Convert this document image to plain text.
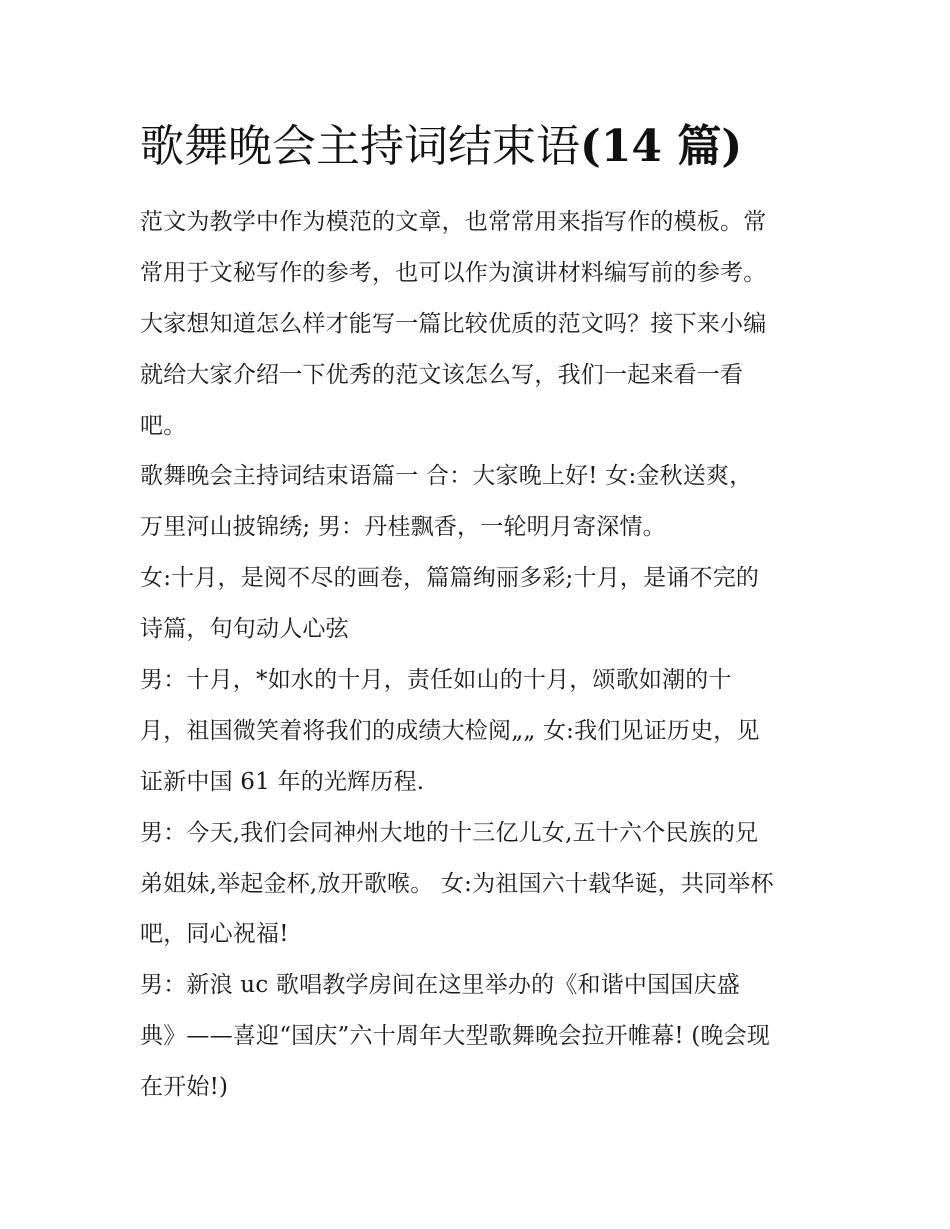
歌舞晚会主持词结束语(14 篇)
范文为教学中作为模范的文章，也常常用来指写作的模板。常
常用于文秘写作的参考，也可以作为演讲材料编写前的参考。
大家想知道怎么样才能写一篇比较优质的范文吗？接下来小编
就给大家介绍一下优秀的范文该怎么写，我们一起来看一看
吧。
歌舞晚会主持词结束语篇一 合：大家晚上好! 女:金秋送爽，
万里河山披锦绣; 男：丹桂飘香，一轮明月寄深情。
女:十月，是阅不尽的画卷，篇篇绚丽多彩;十月，是诵不完的
诗篇，句句动人心弦
男：十月，*如水的十月，责任如山的十月，颂歌如潮的十
月，祖国微笑着将我们的成绩大检阅„„ 女:我们见证历史，见
证新中国 61 年的光辉历程.
男：今天,我们会同神州大地的十三亿儿女,五十六个民族的兄
弟姐妹,举起金杯,放开歌喉。 女:为祖国六十载华诞，共同举杯
吧，同心祝福!
男：新浪 uc 歌唱教学房间在这里举办的《和谐中国国庆盛
典》——喜迎“国庆”六十周年大型歌舞晚会拉开帷幕! (晚会现
在开始!)
